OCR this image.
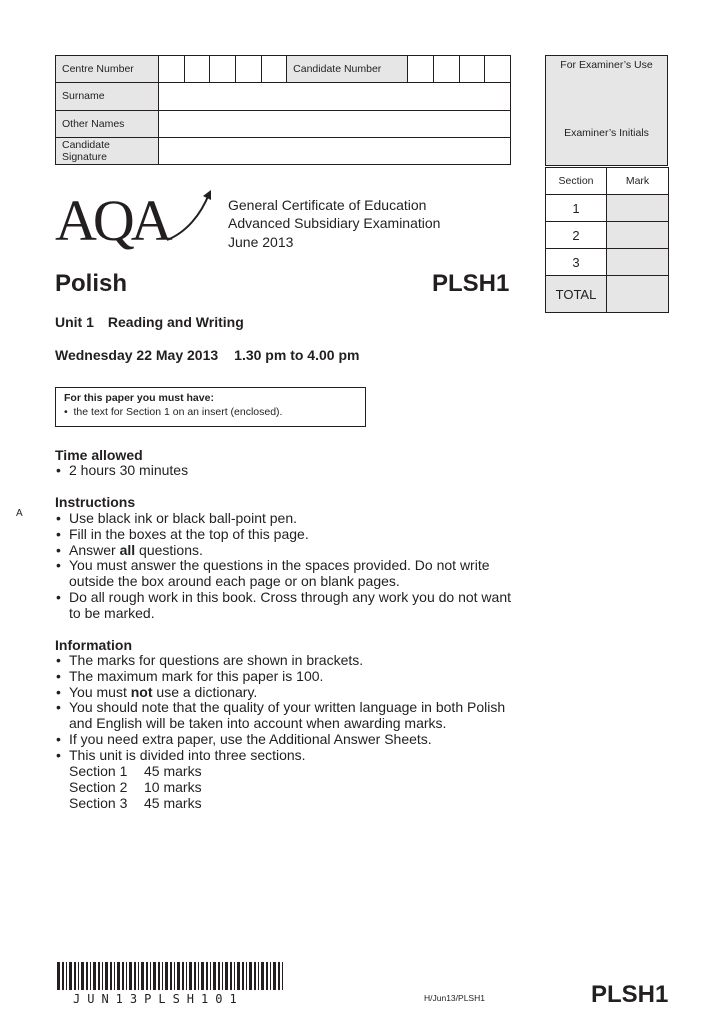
Centre Number						Candidate Number				
Surname										
Other Names										
Candidate Signature										
For Examiner’s Use
Examiner’s Initials
Section	Mark
1	
2	
3	
TOTAL	
AQA	General Certificate of Education
Advanced Subsidiary Examination
June 2013
Polish	PLSH1
Unit 1 Reading and Writing
Wednesday 22 May 2013 1.30 pm to 4.00 pm
For this paper you must have:
•  the text for Section 1 on an insert (enclosed).
Time allowed
• 2 hours 30 minutes
A
Instructions
• Use black ink or black ball-point pen.
• Fill in the boxes at the top of this page.
• Answer all questions.
• You must answer the questions in the spaces provided. Do not write outside the box around each page or on blank pages.
• Do all rough work in this book. Cross through any work you do not want to be marked.
Information
• The marks for questions are shown in brackets.
• The maximum mark for this paper is 100.
• You must not use a dictionary.
• You should note that the quality of your written language in both Polish and English will be taken into account when awarding marks.
• If you need extra paper, use the Additional Answer Sheets.
• This unit is divided into three sections.
Section 1 45 marks
Section 2 10 marks
Section 3 45 marks
JUN13PLSH101	H/Jun13/PLSH1	PLSH1
